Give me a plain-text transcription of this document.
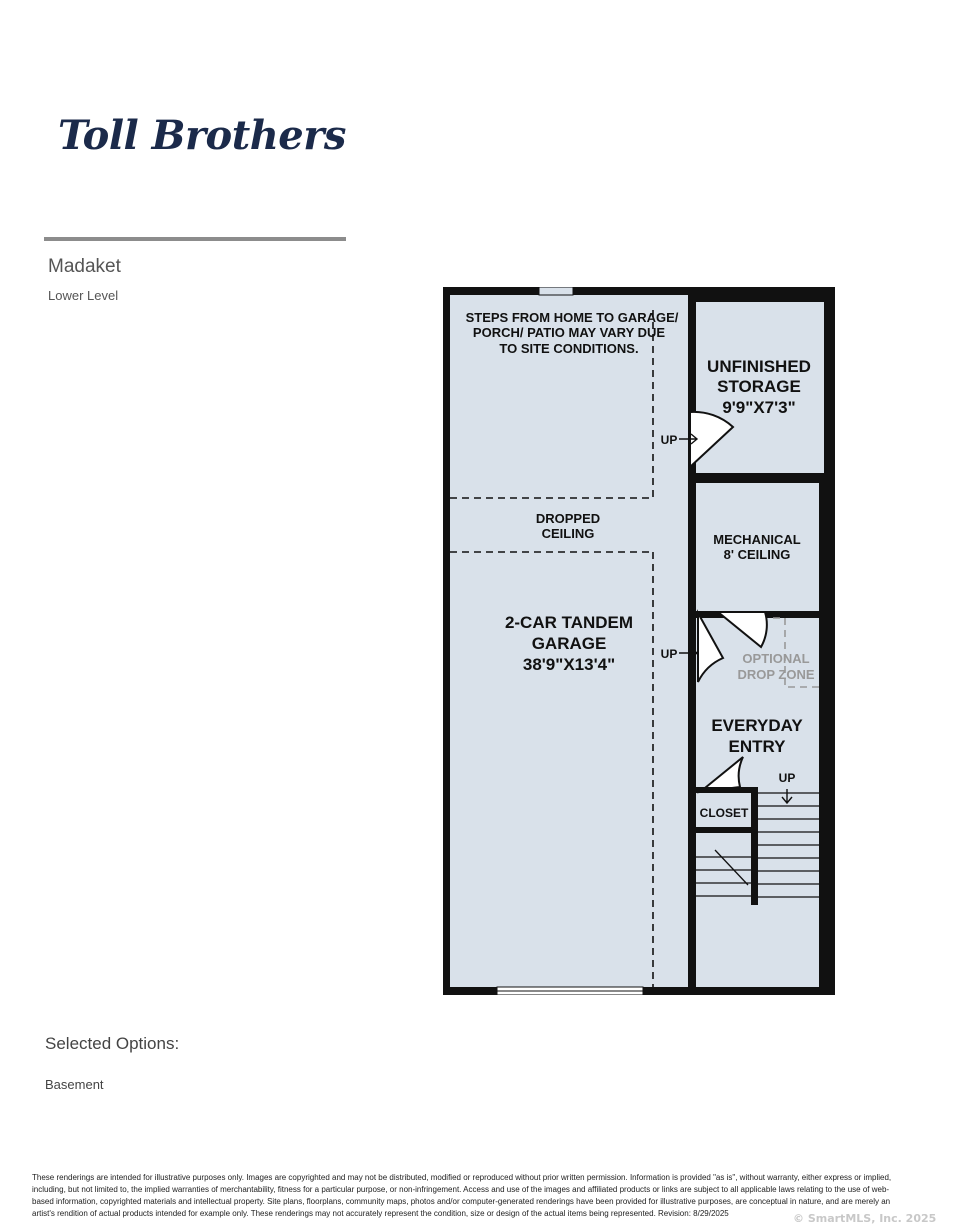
Toll Brothers
Madaket
Lower Level
STEPS FROM HOME TO GARAGE/
PORCH/ PATIO MAY VARY DUE
TO SITE CONDITIONS.
UNFINISHED
STORAGE
9'9"X7'3"
DROPPED
CEILING	MECHANICAL
8' CEILING
2-CAR TANDEM
GARAGE
38'9"X13'4"	OPTIONAL
DROP ZONE
EVERYDAY
ENTRY
CLOSET
UP
UP
UP
Selected Options:
Basement
These renderings are intended for illustrative purposes only. Images are copyrighted and may not be distributed, modified or reproduced without prior written permission. Information is provided "as is", without warranty, either express or implied, including, but not limited to, the implied warranties of merchantability, fitness for a particular purpose, or non-infringement. Access and use of the images and affiliated products or links are subject to all applicable laws relating to the use of web-based information, copyrighted materials and intellectual property. Site plans, floorplans, community maps, photos and/or computer-generated renderings have been provided for illustrative purposes, are conceptual in nature, and are merely an artist's rendition of actual products intended for example only. These renderings may not accurately represent the condition, size or design of the actual items being represented. Revision: 8/29/2025	© SmartMLS, Inc. 2025
